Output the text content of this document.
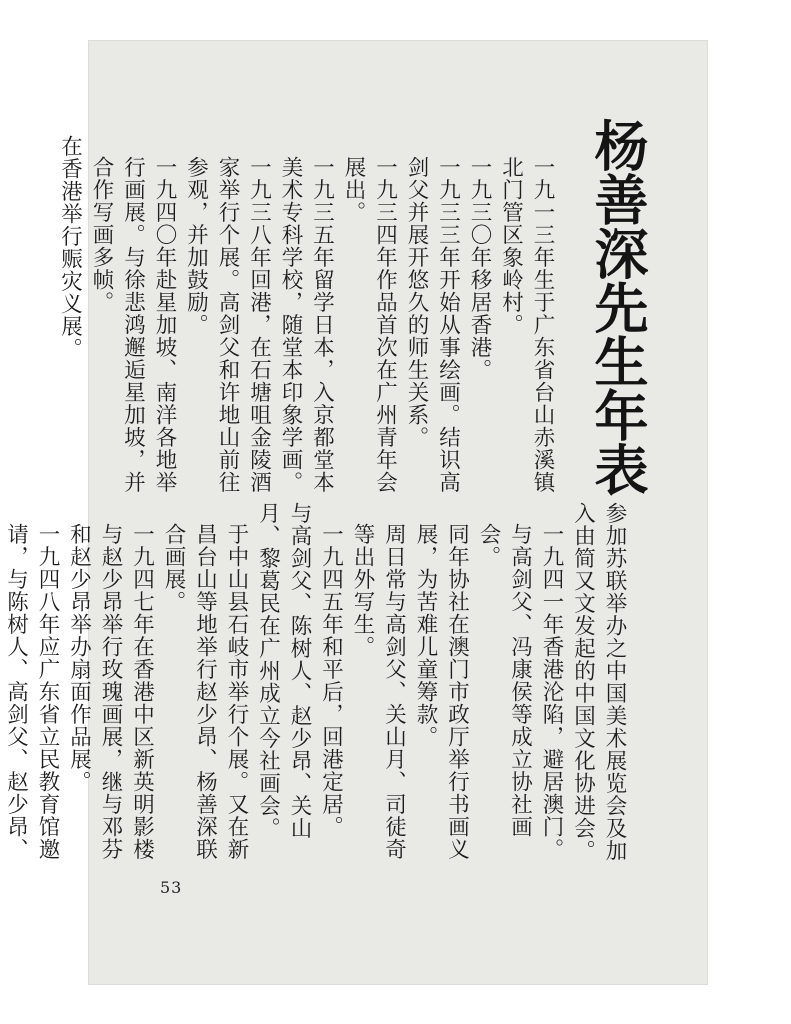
杨善深先生年表

一九一三年生于广东省台山赤溪镇北门管区象岭村。

一九三〇年移居香港。

一九三三年开始从事绘画。结识高剑父并展开悠久的师生关系。

一九三四年作品首次在广州青年会展出。

一九三五年留学日本，入京都堂本美术专科学校，随堂本印象学画。

一九三八年回港，在石塘咀金陵酒家举行个展。高剑父和许地山前往参观，并加鼓励。

一九四〇年赴星加坡、南洋各地举行画展。与徐悲鸿邂逅星加坡，并合作写画多帧。

在香港举行赈灾义展。

参加苏联举办之中国美术展览会及加入由简又文发起的中国文化协进会。

一九四一年香港沦陷，避居澳门。与高剑父、冯康侯等成立协社画会。

同年协社在澳门市政厅举行书画义展，为苦难儿童筹款。

周日常与高剑父、关山月、司徒奇等出外写生。

一九四五年和平后，回港定居。

与高剑父、陈树人、赵少昂、关山月、黎葛民在广州成立今社画会。

于中山县石岐市举行个展。又在新昌台山等地举行赵少昂、杨善深联合画展。

一九四七年在香港中区新英明影楼与赵少昂举行玫瑰画展，继与邓芬和赵少昂举办扇面作品展。

一九四八年应广东省立民教育馆邀请，与陈树人、高剑父、赵少昂、

53
